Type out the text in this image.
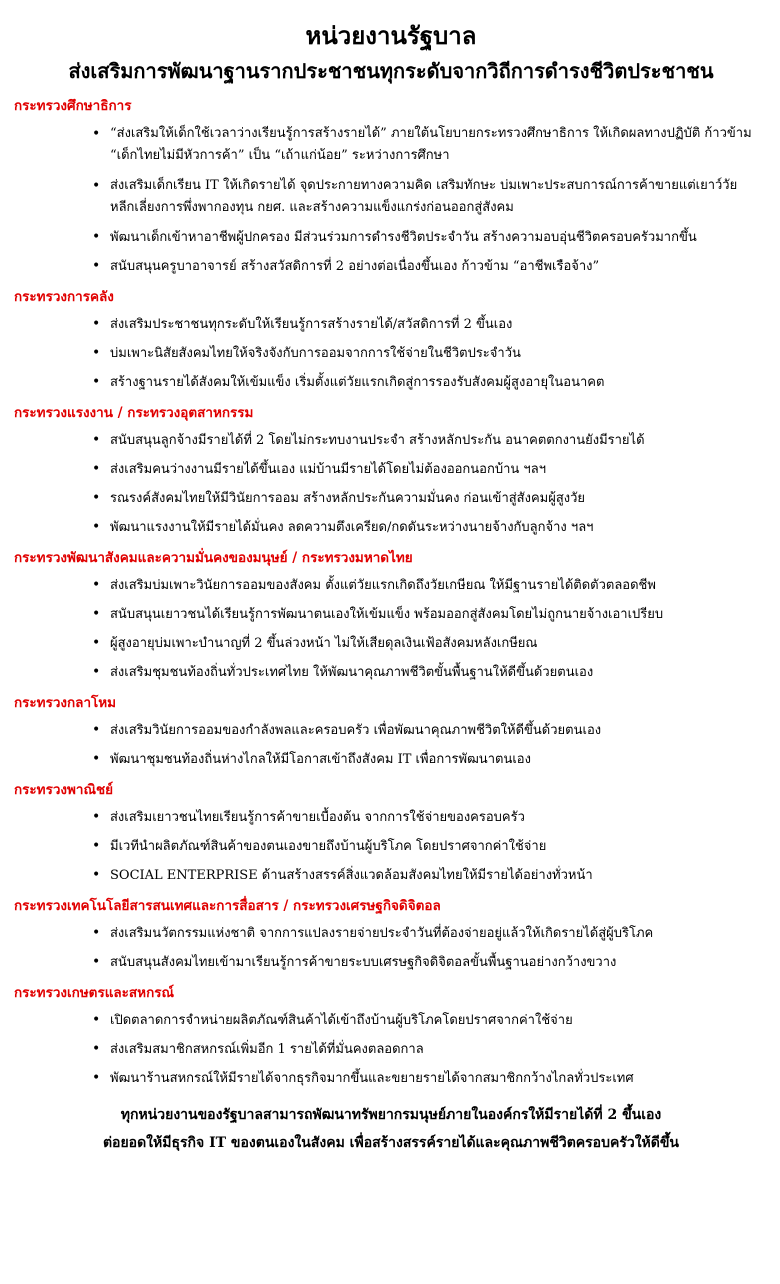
หน่วยงานรัฐบาล
ส่งเสริมการพัฒนาฐานรากประชาชนทุกระดับจากวิถีการดำรงชีวิตประชาชน
กระทรวงศึกษาธิการ
• “ส่งเสริมให้เด็กใช้เวลาว่างเรียนรู้การสร้างรายได้” ภายใต้นโยบายกระทรวงศึกษาธิการ ให้เกิดผลทางปฏิบัติ ก้าวข้าม “เด็กไทยไม่มีหัวการค้า” เป็น “เถ้าแก่น้อย” ระหว่างการศึกษา
• ส่งเสริมเด็กเรียน IT ให้เกิดรายได้ จุดประกายทางความคิด เสริมทักษะ บ่มเพาะประสบการณ์การค้าขายแต่เยาว์วัย หลีกเลี่ยงการพึ่งพากองทุน กยศ. และสร้างความแข็งแกร่งก่อนออกสู่สังคม
• พัฒนาเด็กเข้าหาอาชีพผู้ปกครอง มีส่วนร่วมการดำรงชีวิตประจำวัน สร้างความอบอุ่นชีวิตครอบครัวมากขึ้น
• สนับสนุนครูบาอาจารย์ สร้างสวัสดิการที่ 2 อย่างต่อเนื่องขึ้นเอง ก้าวข้าม “อาชีพเรือจ้าง”
กระทรวงการคลัง
• ส่งเสริมประชาชนทุกระดับให้เรียนรู้การสร้างรายได้/สวัสดิการที่ 2 ขึ้นเอง
• บ่มเพาะนิสัยสังคมไทยให้จริงจังกับการออมจากการใช้จ่ายในชีวิตประจำวัน
• สร้างฐานรายได้สังคมให้เข้มแข็ง เริ่มตั้งแต่วัยแรกเกิดสู่การรองรับสังคมผู้สูงอายุในอนาคต
กระทรวงแรงงาน / กระทรวงอุตสาหกรรม
• สนับสนุนลูกจ้างมีรายได้ที่ 2 โดยไม่กระทบงานประจำ สร้างหลักประกัน อนาคตตกงานยังมีรายได้
• ส่งเสริมคนว่างงานมีรายได้ขึ้นเอง แม่บ้านมีรายได้โดยไม่ต้องออกนอกบ้าน ฯลฯ
• รณรงค์สังคมไทยให้มีวินัยการออม สร้างหลักประกันความมั่นคง ก่อนเข้าสู่สังคมผู้สูงวัย
• พัฒนาแรงงานให้มีรายได้มั่นคง ลดความตึงเครียด/กดดันระหว่างนายจ้างกับลูกจ้าง ฯลฯ
กระทรวงพัฒนาสังคมและความมั่นคงของมนุษย์ / กระทรวงมหาดไทย
• ส่งเสริมบ่มเพาะวินัยการออมของสังคม ตั้งแต่วัยแรกเกิดถึงวัยเกษียณ ให้มีฐานรายได้ติดตัวตลอดชีพ
• สนับสนุนเยาวชนได้เรียนรู้การพัฒนาตนเองให้เข้มแข็ง พร้อมออกสู่สังคมโดยไม่ถูกนายจ้างเอาเปรียบ
• ผู้สูงอายุบ่มเพาะบำนาญที่ 2 ขึ้นล่วงหน้า ไม่ให้เสียดุลเงินเฟ้อสังคมหลังเกษียณ
• ส่งเสริมชุมชนท้องถิ่นทั่วประเทศไทย ให้พัฒนาคุณภาพชีวิตขั้นพื้นฐานให้ดีขึ้นด้วยตนเอง
กระทรวงกลาโหม
• ส่งเสริมวินัยการออมของกำลังพลและครอบครัว เพื่อพัฒนาคุณภาพชีวิตให้ดีขึ้นด้วยตนเอง
• พัฒนาชุมชนท้องถิ่นห่างไกลให้มีโอกาสเข้าถึงสังคม IT เพื่อการพัฒนาตนเอง
กระทรวงพาณิชย์
• ส่งเสริมเยาวชนไทยเรียนรู้การค้าขายเบื้องต้น จากการใช้จ่ายของครอบครัว
• มีเวทีนำผลิตภัณฑ์สินค้าของตนเองขายถึงบ้านผู้บริโภค โดยปราศจากค่าใช้จ่าย
• SOCIAL ENTERPRISE ด้านสร้างสรรค์สิ่งแวดล้อมสังคมไทยให้มีรายได้อย่างทั่วหน้า
กระทรวงเทคโนโลยีสารสนเทศและการสื่อสาร / กระทรวงเศรษฐกิจดิจิตอล
• ส่งเสริมนวัตกรรมแห่งชาติ จากการแปลงรายจ่ายประจำวันที่ต้องจ่ายอยู่แล้วให้เกิดรายได้สู่ผู้บริโภค
• สนับสนุนสังคมไทยเข้ามาเรียนรู้การค้าขายระบบเศรษฐกิจดิจิตอลขั้นพื้นฐานอย่างกว้างขวาง
กระทรวงเกษตรและสหกรณ์
• เปิดตลาดการจำหน่ายผลิตภัณฑ์สินค้าได้เข้าถึงบ้านผู้บริโภคโดยปราศจากค่าใช้จ่าย
• ส่งเสริมสมาชิกสหกรณ์เพิ่มอีก 1 รายได้ที่มั่นคงตลอดกาล
• พัฒนาร้านสหกรณ์ให้มีรายได้จากธุรกิจมากขึ้นและขยายรายได้จากสมาชิกกว้างไกลทั่วประเทศ
ทุกหน่วยงานของรัฐบาลสามารถพัฒนาทรัพยากรมนุษย์ภายในองค์กรให้มีรายได้ที่ 2 ขึ้นเอง
ต่อยอดให้มีธุรกิจ IT ของตนเองในสังคม เพื่อสร้างสรรค์รายได้และคุณภาพชีวิตครอบครัวให้ดีขึ้น
